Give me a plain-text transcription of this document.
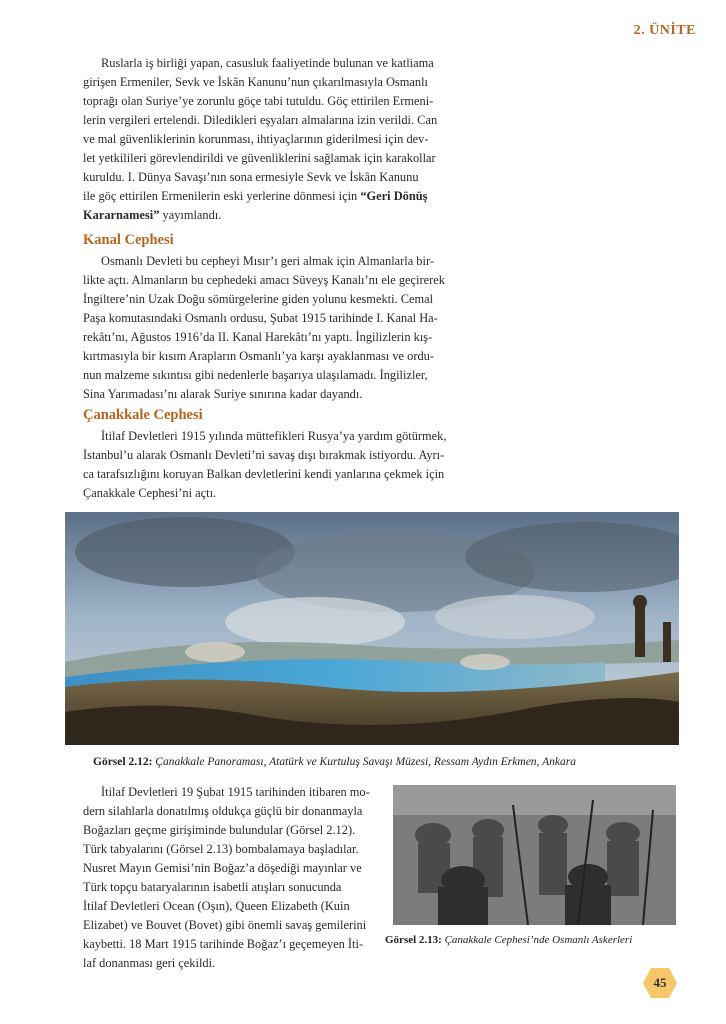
2. ÜNİTE

Ruslarla iş birliği yapan, casusluk faaliyetinde bulunan ve katliama

girişen Ermeniler, Sevk ve İskân Kanunu’nun çıkarılmasıyla Osmanlı

toprağı olan Suriye’ye zorunlu göçe tabi tutuldu. Göç ettirilen Ermeni-

lerin vergileri ertelendi. Diledikleri eşyaları almalarına izin verildi. Can

ve mal güvenliklerinin korunması, ihtiyaçlarının giderilmesi için dev-

let yetkilileri görevlendirildi ve güvenliklerini sağlamak için karakollar

kuruldu. I. Dünya Savaşı’nın sona ermesiyle Sevk ve İskân Kanunu

ile göç ettirilen Ermenilerin eski yerlerine dönmesi için “Geri Dönüş

Kararnamesi” yayımlandı.

Kanal Cephesi

Osmanlı Devleti bu cepheyi Mısır’ı geri almak için Almanlarla bir-

likte açtı. Almanların bu cephedeki amacı Süveyş Kanalı’nı ele geçirerek

İngiltere’nin Uzak Doğu sömürgelerine giden yolunu kesmekti. Cemal

Paşa komutasındaki Osmanlı ordusu, Şubat 1915 tarihinde I. Kanal Ha-

rekâtı’nı, Ağustos 1916’da II. Kanal Harekâtı’nı yaptı. İngilizlerin kış-

kırtmasıyla bir kısım Arapların Osmanlı’ya karşı ayaklanması ve ordu-

nun malzeme sıkıntısı gibi nedenlerle başarıya ulaşılamadı. İngilizler,

Sina Yarımadası’nı alarak Suriye sınırına kadar dayandı.

Çanakkale Cephesi

İtilaf Devletleri 1915 yılında müttefikleri Rusya’ya yardım götürmek,

İstanbul’u alarak Osmanlı Devleti’ni savaş dışı bırakmak istiyordu. Ayrı-

ca tarafsızlığını koruyan Balkan devletlerini kendi yanlarına çekmek için

Çanakkale Cephesi’ni açtı.

Görsel 2.12: Çanakkale Panoraması, Atatürk ve Kurtuluş Savaşı Müzesi, Ressam Aydın Erkmen, Ankara

İtilaf Devletleri 19 Şubat 1915 tarihinden itibaren mo-

dern silahlarla donatılmış oldukça güçlü bir donanmayla

Boğazları geçme girişiminde bulundular (Görsel 2.12).

Türk tabyalarını (Görsel 2.13) bombalamaya başladılar.

Nusret Mayın Gemisi’nin Boğaz’a döşediği mayınlar ve

Türk topçu bataryalarının isabetli atışları sonucunda

İtilaf Devletleri Ocean (Oşın), Queen Elizabeth (Kuin

Elizabet) ve Bouvet (Bovet) gibi önemli savaş gemilerini

kaybetti. 18 Mart 1915 tarihinde Boğaz’ı geçemeyen İti-

laf donanması geri çekildi.

Görsel 2.13: Çanakkale Cephesi’nde Osmanlı Askerleri
45
